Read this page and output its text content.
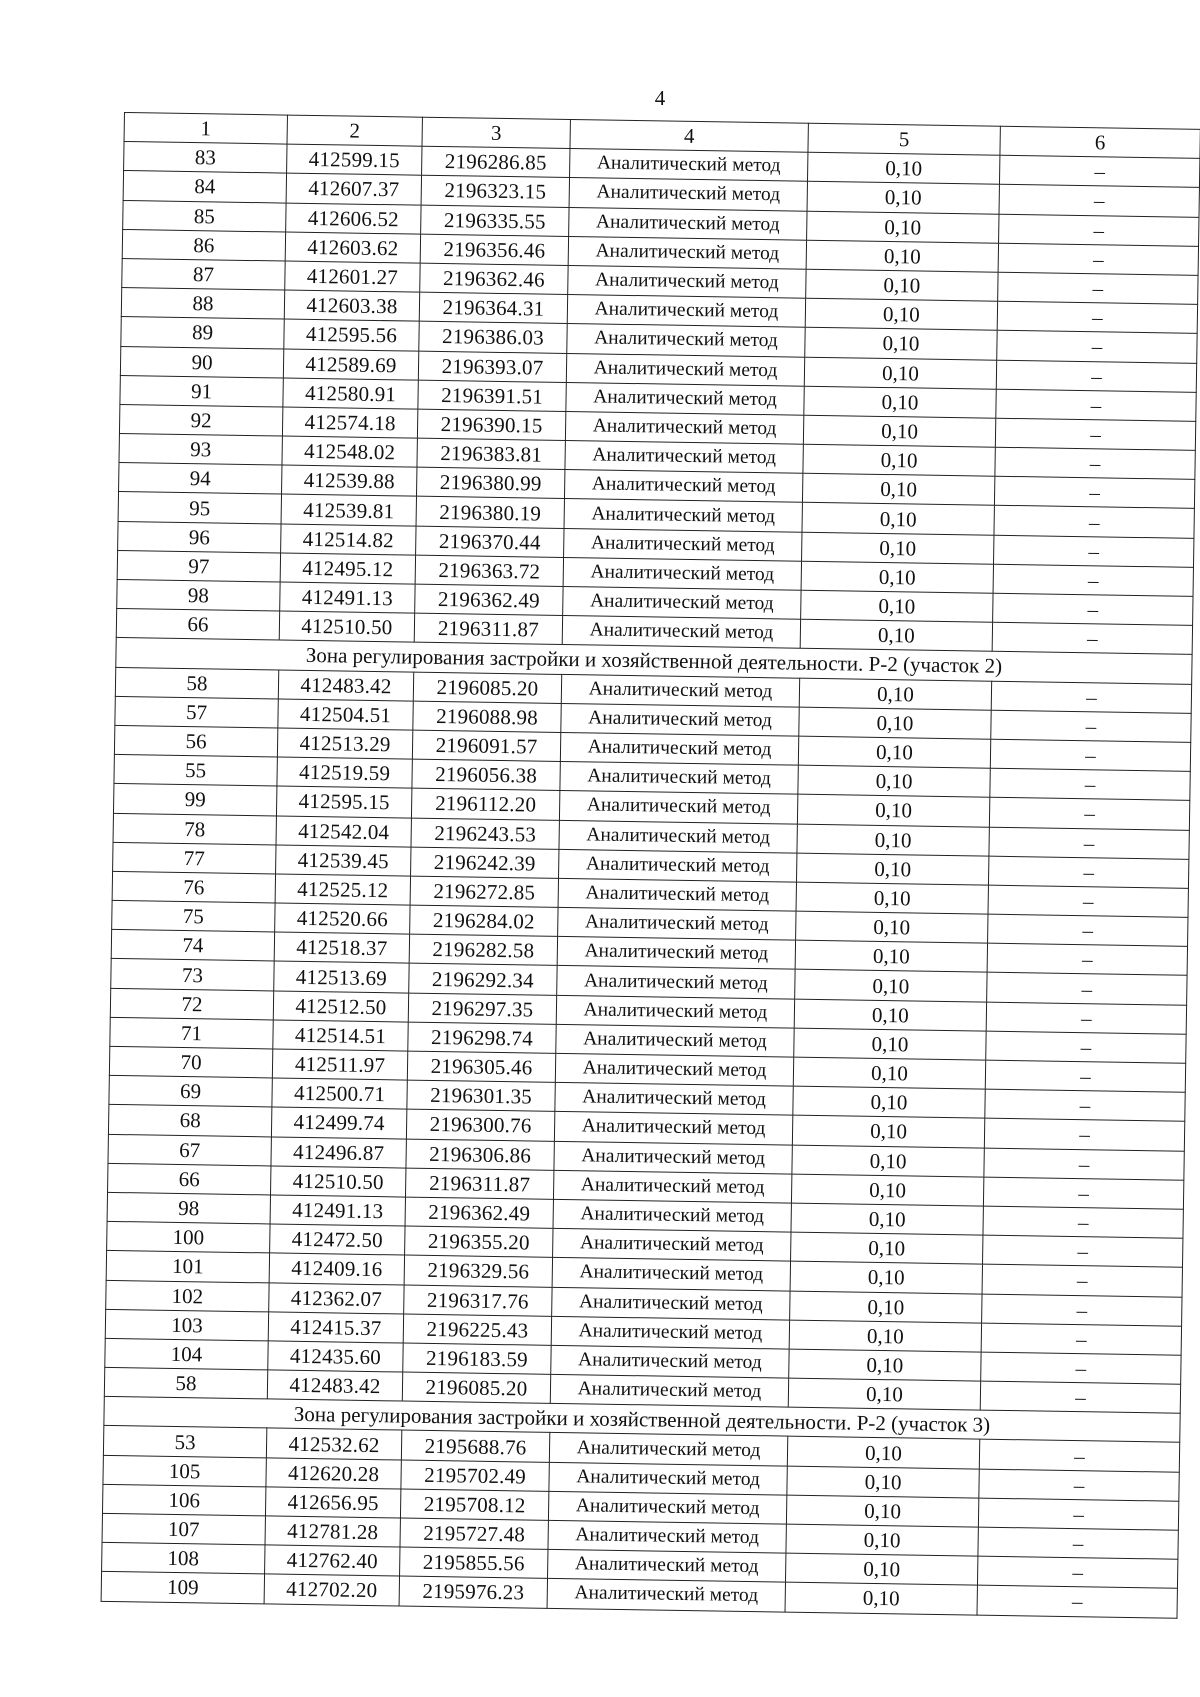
4
1	2	3	4	5	6
83	412599.15	2196286.85	Аналитический метод	0,10	–
84	412607.37	2196323.15	Аналитический метод	0,10	–
85	412606.52	2196335.55	Аналитический метод	0,10	–
86	412603.62	2196356.46	Аналитический метод	0,10	–
87	412601.27	2196362.46	Аналитический метод	0,10	–
88	412603.38	2196364.31	Аналитический метод	0,10	–
89	412595.56	2196386.03	Аналитический метод	0,10	–
90	412589.69	2196393.07	Аналитический метод	0,10	–
91	412580.91	2196391.51	Аналитический метод	0,10	–
92	412574.18	2196390.15	Аналитический метод	0,10	–
93	412548.02	2196383.81	Аналитический метод	0,10	–
94	412539.88	2196380.99	Аналитический метод	0,10	–
95	412539.81	2196380.19	Аналитический метод	0,10	–
96	412514.82	2196370.44	Аналитический метод	0,10	–
97	412495.12	2196363.72	Аналитический метод	0,10	–
98	412491.13	2196362.49	Аналитический метод	0,10	–
66	412510.50	2196311.87	Аналитический метод	0,10	–
Зона регулирования застройки и хозяйственной деятельности. Р-2 (участок 2)					
58	412483.42	2196085.20	Аналитический метод	0,10	–
57	412504.51	2196088.98	Аналитический метод	0,10	–
56	412513.29	2196091.57	Аналитический метод	0,10	–
55	412519.59	2196056.38	Аналитический метод	0,10	–
99	412595.15	2196112.20	Аналитический метод	0,10	–
78	412542.04	2196243.53	Аналитический метод	0,10	–
77	412539.45	2196242.39	Аналитический метод	0,10	–
76	412525.12	2196272.85	Аналитический метод	0,10	–
75	412520.66	2196284.02	Аналитический метод	0,10	–
74	412518.37	2196282.58	Аналитический метод	0,10	–
73	412513.69	2196292.34	Аналитический метод	0,10	–
72	412512.50	2196297.35	Аналитический метод	0,10	–
71	412514.51	2196298.74	Аналитический метод	0,10	–
70	412511.97	2196305.46	Аналитический метод	0,10	–
69	412500.71	2196301.35	Аналитический метод	0,10	–
68	412499.74	2196300.76	Аналитический метод	0,10	–
67	412496.87	2196306.86	Аналитический метод	0,10	–
66	412510.50	2196311.87	Аналитический метод	0,10	–
98	412491.13	2196362.49	Аналитический метод	0,10	–
100	412472.50	2196355.20	Аналитический метод	0,10	–
101	412409.16	2196329.56	Аналитический метод	0,10	–
102	412362.07	2196317.76	Аналитический метод	0,10	–
103	412415.37	2196225.43	Аналитический метод	0,10	–
104	412435.60	2196183.59	Аналитический метод	0,10	–
58	412483.42	2196085.20	Аналитический метод	0,10	–
Зона регулирования застройки и хозяйственной деятельности. Р-2 (участок 3)					
53	412532.62	2195688.76	Аналитический метод	0,10	–
105	412620.28	2195702.49	Аналитический метод	0,10	–
106	412656.95	2195708.12	Аналитический метод	0,10	–
107	412781.28	2195727.48	Аналитический метод	0,10	–
108	412762.40	2195855.56	Аналитический метод	0,10	–
109	412702.20	2195976.23	Аналитический метод	0,10	–
